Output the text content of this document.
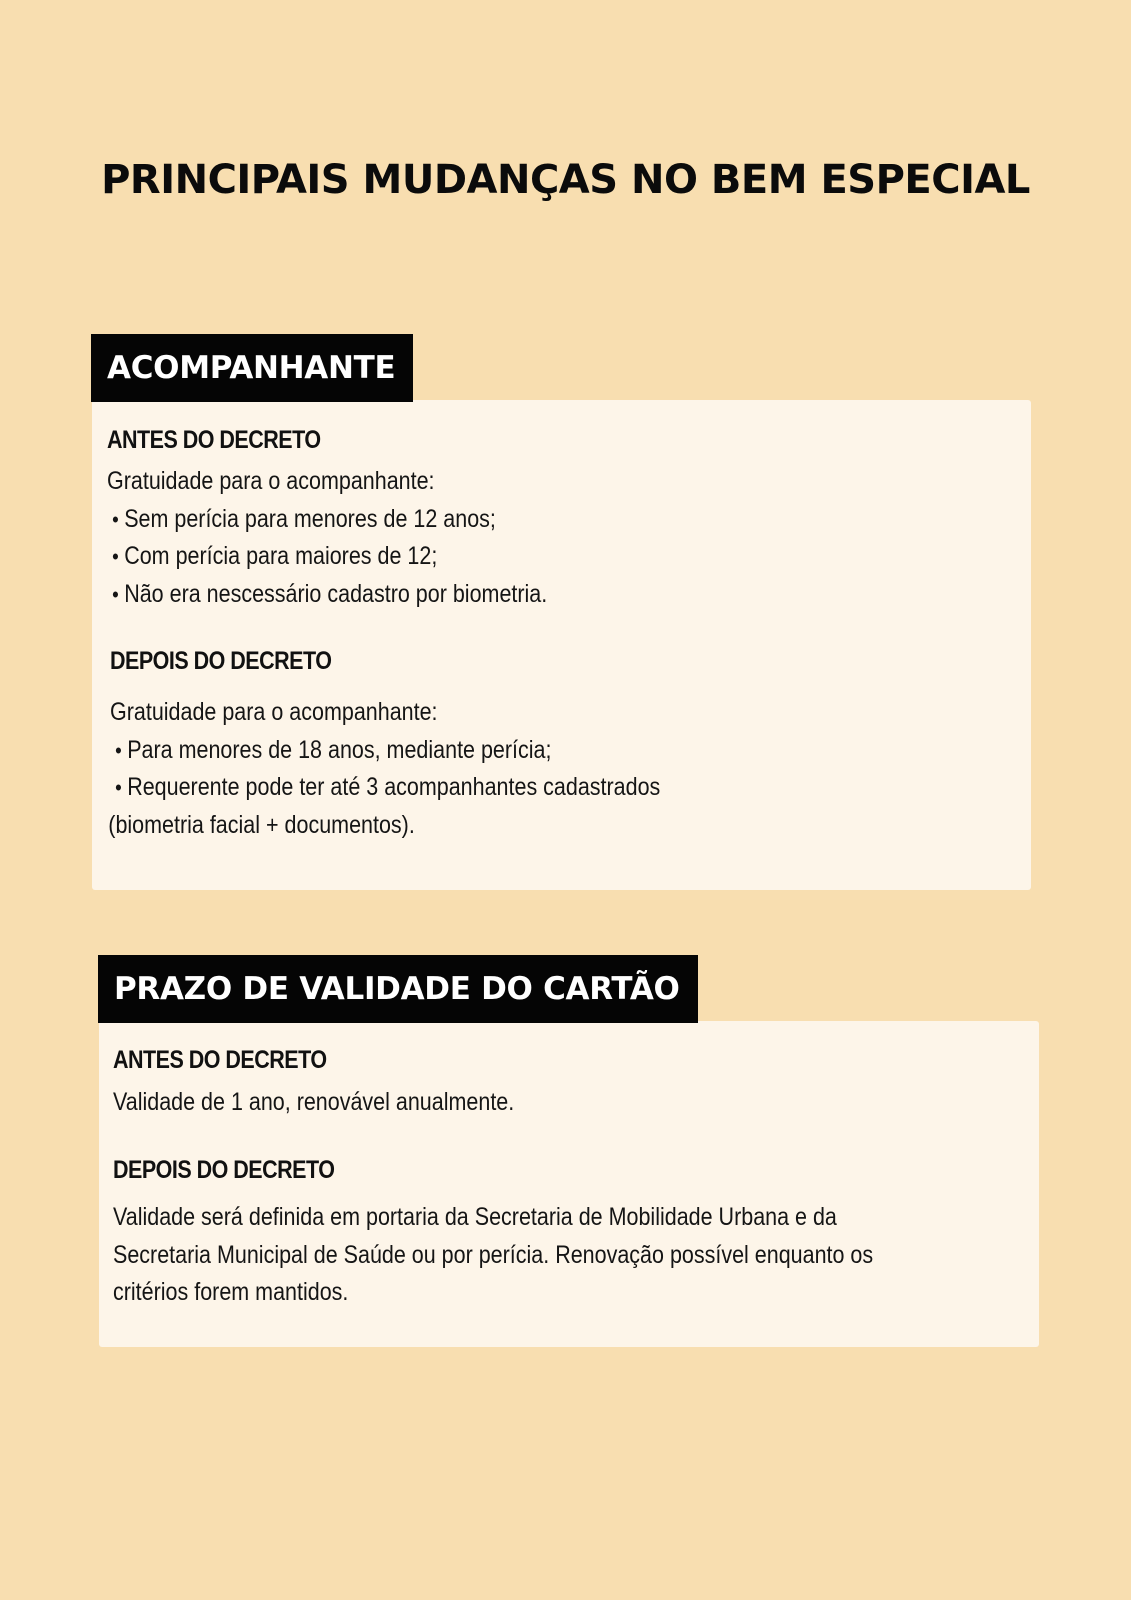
PRINCIPAIS MUDANÇAS NO BEM ESPECIAL
ACOMPANHANTE

ANTES DO DECRETO

Gratuidade para o acompanhante:
• Sem perícia para menores de 12 anos;
• Com perícia para maiores de 12;
• Não era nescessário cadastro por biometria.

DEPOIS DO DECRETO

Gratuidade para o acompanhante:
• Para menores de 18 anos, mediante perícia;
• Requerente pode ter até 3 acompanhantes cadastrados
(biometria facial + documentos).
PRAZO DE VALIDADE DO CARTÃO

ANTES DO DECRETO

Validade de 1 ano, renovável anualmente.

DEPOIS DO DECRETO

Validade será definida em portaria da Secretaria de Mobilidade Urbana e da
Secretaria Municipal de Saúde ou por perícia. Renovação possível enquanto os
critérios forem mantidos.
